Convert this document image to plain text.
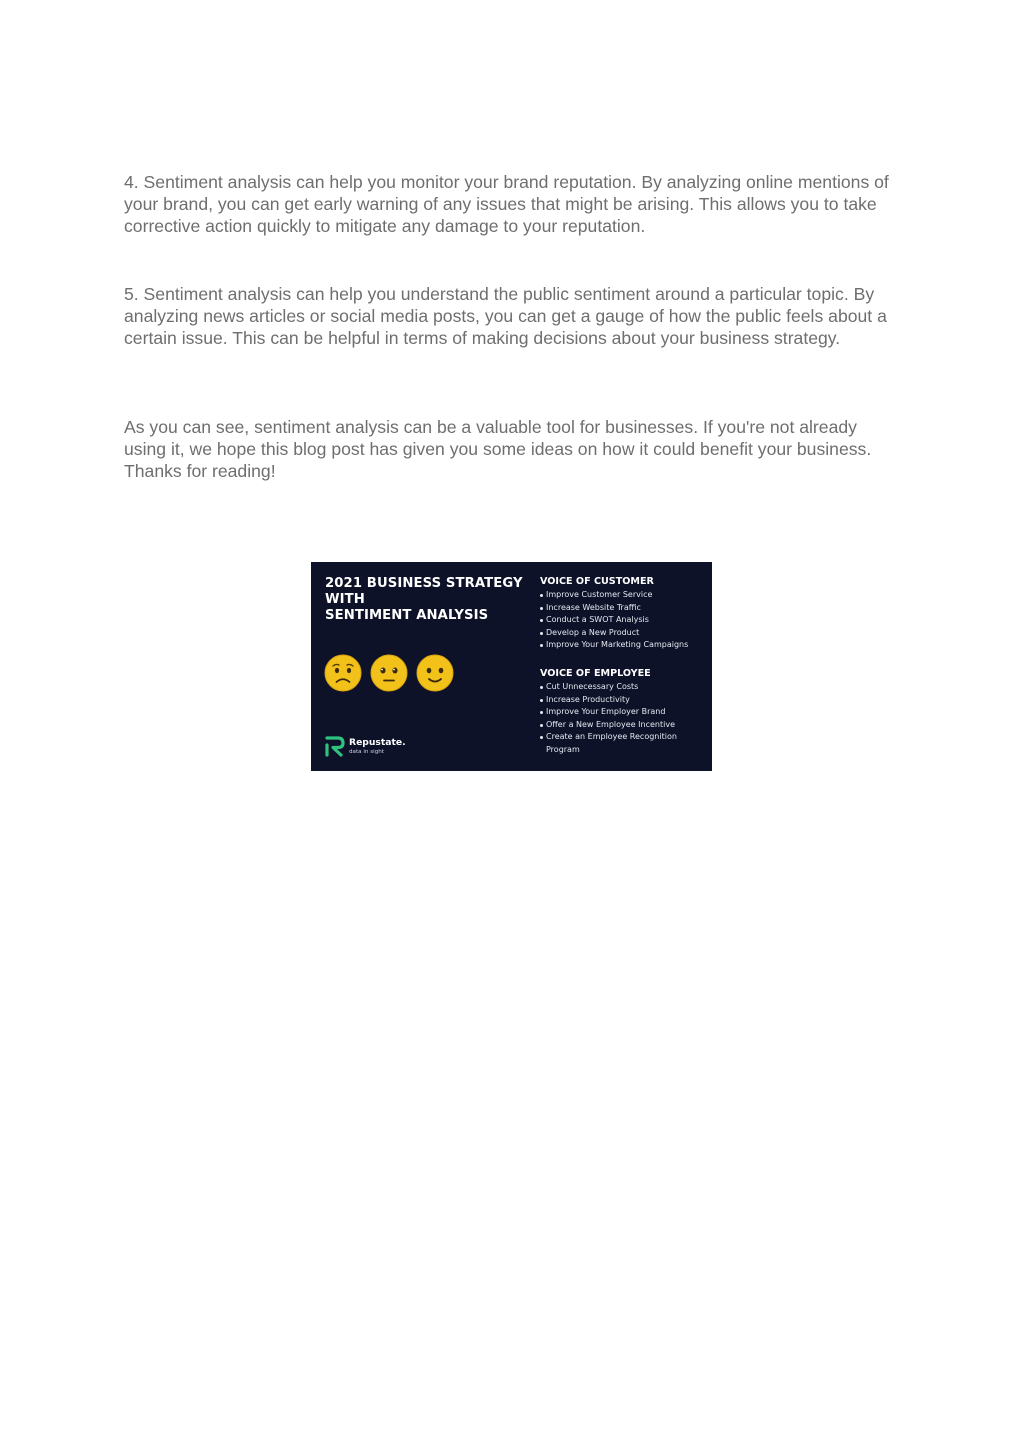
4. Sentiment analysis can help you monitor your brand reputation. By analyzing online mentions of your brand, you can get early warning of any issues that might be arising. This allows you to take corrective action quickly to mitigate any damage to your reputation.

5. Sentiment analysis can help you understand the public sentiment around a particular topic. By analyzing news articles or social media posts, you can get a gauge of how the public feels about a certain issue. This can be helpful in terms of making decisions about your business strategy.

As you can see, sentiment analysis can be a valuable tool for businesses. If you're not already using it, we hope this blog post has given you some ideas on how it could benefit your business. Thanks for reading!

2021 BUSINESS STRATEGY
WITH
SENTIMENT ANALYSIS
Repustate.
data in sight
VOICE OF CUSTOMER
Improve Customer Service
Increase Website Traffic
Conduct a SWOT Analysis
Develop a New Product
Improve Your Marketing Campaigns
VOICE OF EMPLOYEE
Cut Unnecessary Costs
Increase Productivity
Improve Your Employer Brand
Offer a New Employee Incentive
Create an Employee Recognition Program
